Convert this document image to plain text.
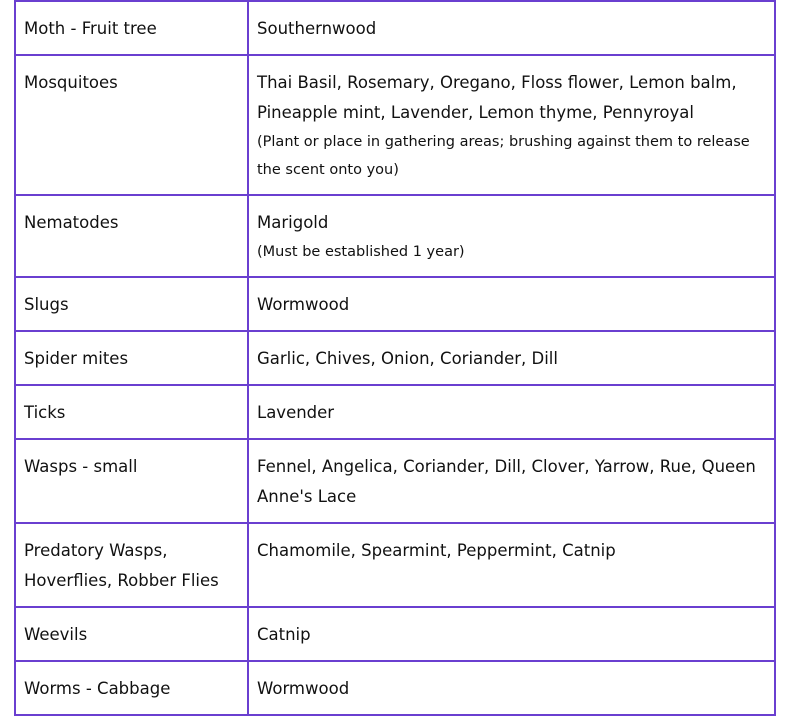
Moth - Fruit tree	Southernwood
Mosquitoes	Thai Basil, Rosemary, Oregano, Floss flower, Lemon balm, Pineapple mint, Lavender, Lemon thyme, Pennyroyal
(Plant or place in gathering areas; brushing against them to release the scent onto you)

Nematodes	Marigold
(Must be established 1 year)

Slugs	Wormwood
Spider mites	Garlic, Chives, Onion, Coriander, Dill
Ticks	Lavender
Wasps - small	Fennel, Angelica, Coriander, Dill, Clover, Yarrow, Rue, Queen Anne's Lace
Predatory Wasps, Hoverflies, Robber Flies	Chamomile, Spearmint, Peppermint, Catnip
Weevils	Catnip
Worms - Cabbage	Wormwood
